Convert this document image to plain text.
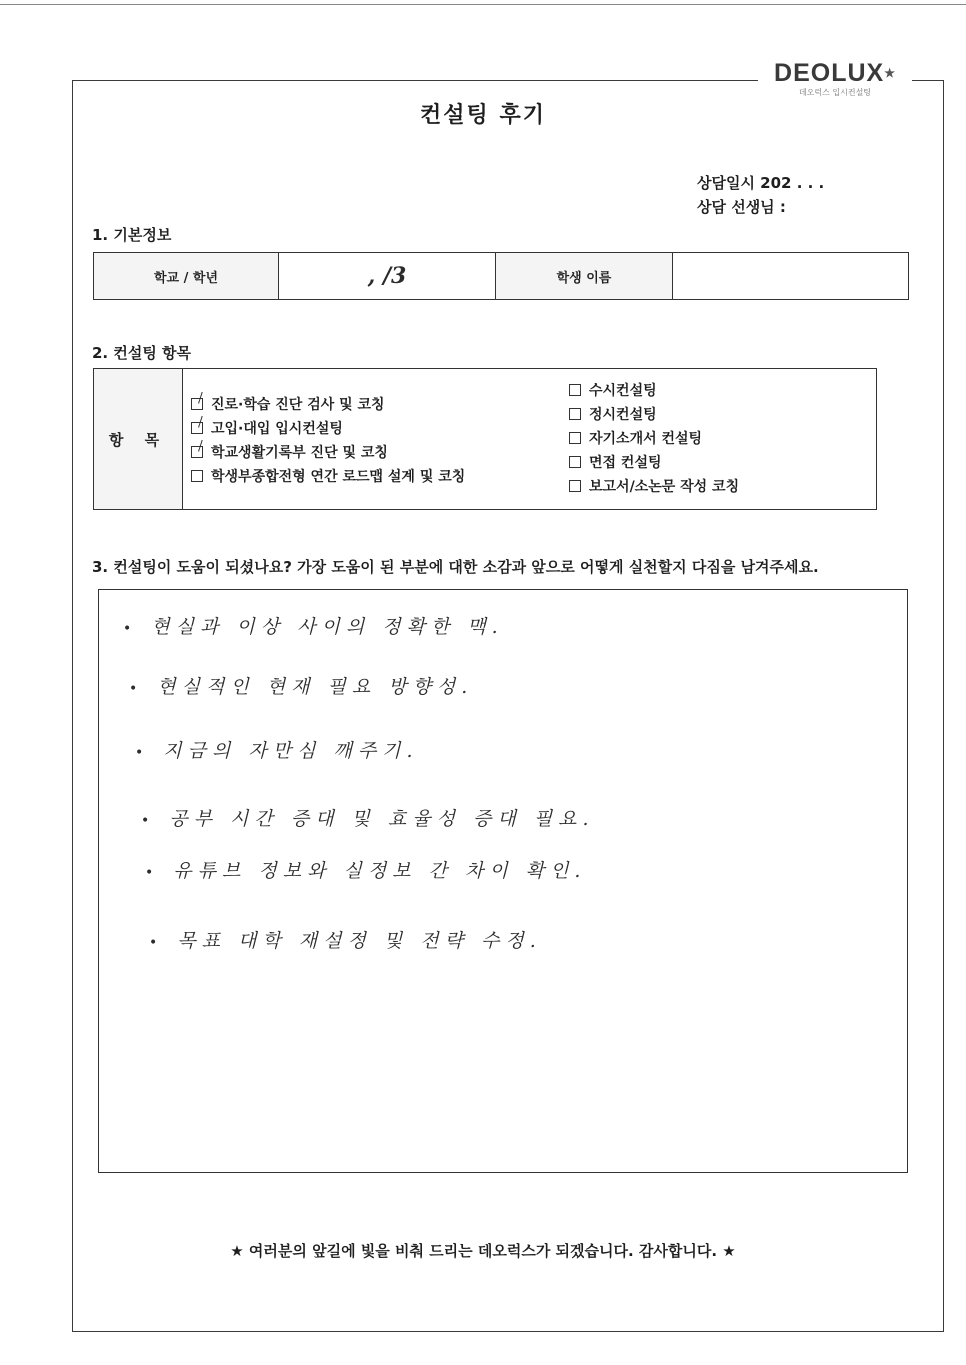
DEOLUX★
데오럭스 입시컨설팅
컨설팅 후기
상담일시 202 . . .
상담 선생님 :
1. 기본정보
학교 / 학년	, /3	학생 이름	
2. 컨설팅 항목
항 목
진로·학습 진단 검사 및 코칭
고입·대입 입시컨설팅
학교생활기록부 진단 및 코칭
학생부종합전형 연간 로드맵 설계 및 코칭
수시컨설팅
정시컨설팅
자기소개서 컨설팅
면접 컨설팅
보고서/소논문 작성 코칭
3. 컨설팅이 도움이 되셨나요? 가장 도움이 된 부분에 대한 소감과 앞으로 어떻게 실천할지 다짐을 남겨주세요.
• 현실과 이상 사이의 정확한 맥.
• 현실적인 현재 필요 방향성.
• 지금의 자만심 깨주기.
• 공부 시간 증대 및 효율성 증대 필요.
• 유튜브 정보와 실정보 간 차이 확인.
• 목표 대학 재설정 및 전략 수정.
★ 여러분의 앞길에 빛을 비춰 드리는 데오럭스가 되겠습니다. 감사합니다. ★
